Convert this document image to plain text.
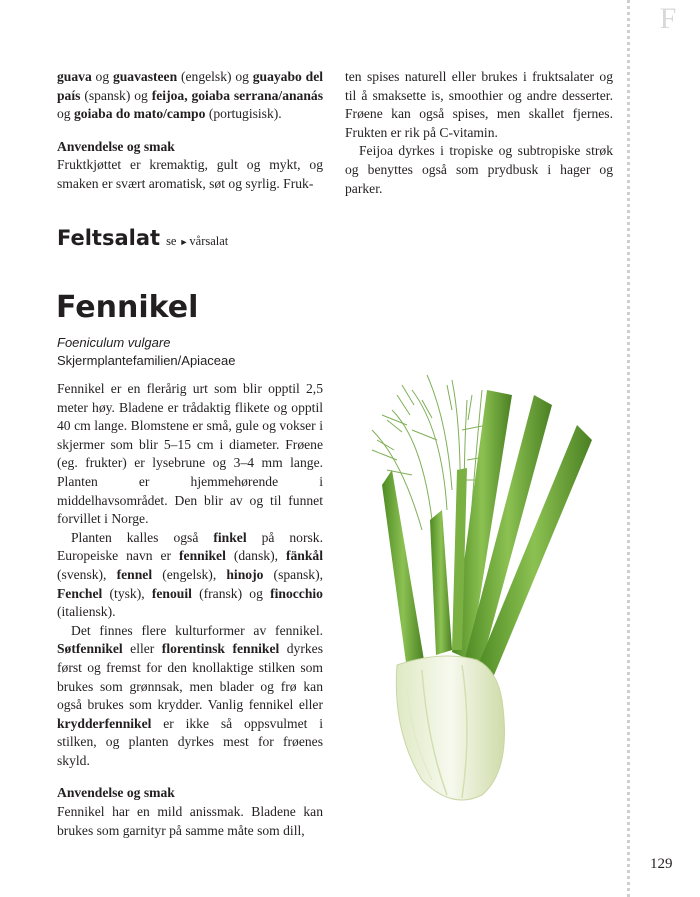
F

guava og guavasteen (engelsk) og guayabo del país (spansk) og feijoa, goiaba serrana/ananás og goiaba do mato/campo (portugisisk).

Anvendelse og smak

Fruktkjøttet er kremaktig, gult og mykt, og smaken er svært aromatisk, søt og syrlig. Fruk-

ten spises naturell eller brukes i fruktsalater og til å smaksette is, smoothier og andre desserter. Frøene kan også spises, men skallet fjernes. Frukten er rik på C-vitamin.

Feijoa dyrkes i tropiske og subtropiske strøk og benyttes også som prydbusk i hager og parker.

Feltsalat se ►vårsalat
Fennikel
Foeniculum vulgare
Skjermplantefamilien/Apiaceae

Fennikel er en flerårig urt som blir opptil 2,5 meter høy. Bladene er trådaktig flikete og opptil 40 cm lange. Blomstene er små, gule og vokser i skjermer som blir 5–15 cm i diameter. Frøene (eg. frukter) er lysebrune og 3–4 mm lange. Planten er hjemmehørende i middelhavsområdet. Den blir av og til funnet forvillet i Norge.

Planten kalles også finkel på norsk. Europeiske navn er fennikel (dansk), fänkål (svensk), fennel (engelsk), hinojo (spansk), Fenchel (tysk), fenouil (fransk) og finocchio (italiensk).

Det finnes flere kulturformer av fennikel. Søtfennikel eller florentinsk fennikel dyrkes først og fremst for den knollaktige stilken som brukes som grønnsak, men blader og frø kan også brukes som krydder. Vanlig fennikel eller krydderfennikel er ikke så oppsvulmet i stilken, og planten dyrkes mest for frøenes skyld.

Anvendelse og smak

Fennikel har en mild anissmak. Bladene kan brukes som garnityr på samme måte som dill,

129
